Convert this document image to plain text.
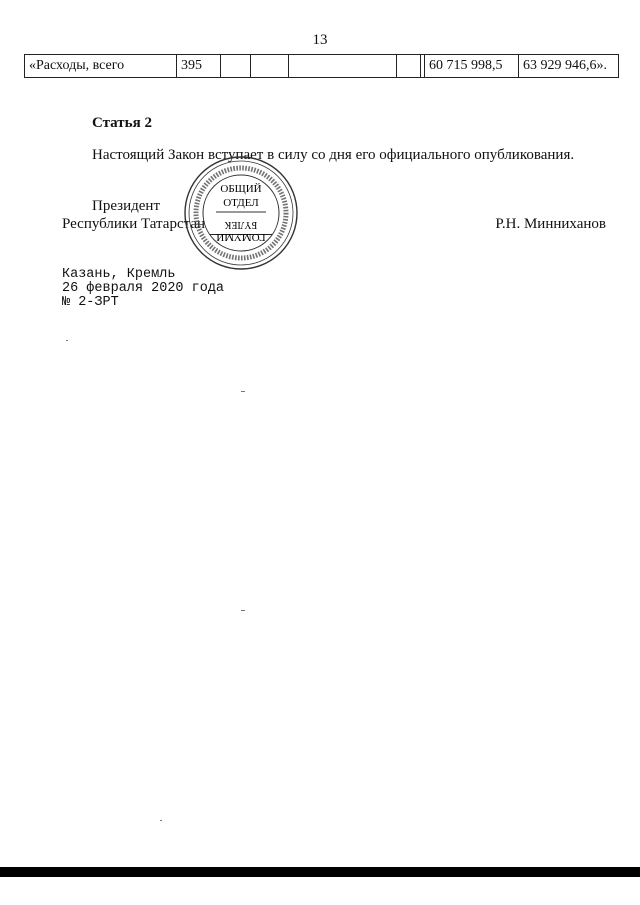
13
«Расходы, всего	395						60 715 998,5	63 929 946,6».
Статья 2
Настоящий Закон вступает в силу со дня его официального опубликования.
Президент
Республики Татарстан	Р.Н. Минниханов
ОБЩИЙ
ОТДЕЛ
ГОМУМИ
БҮЛЕК
Казань, Кремль
26 февраля 2020 года
№ 2-ЗРТ
